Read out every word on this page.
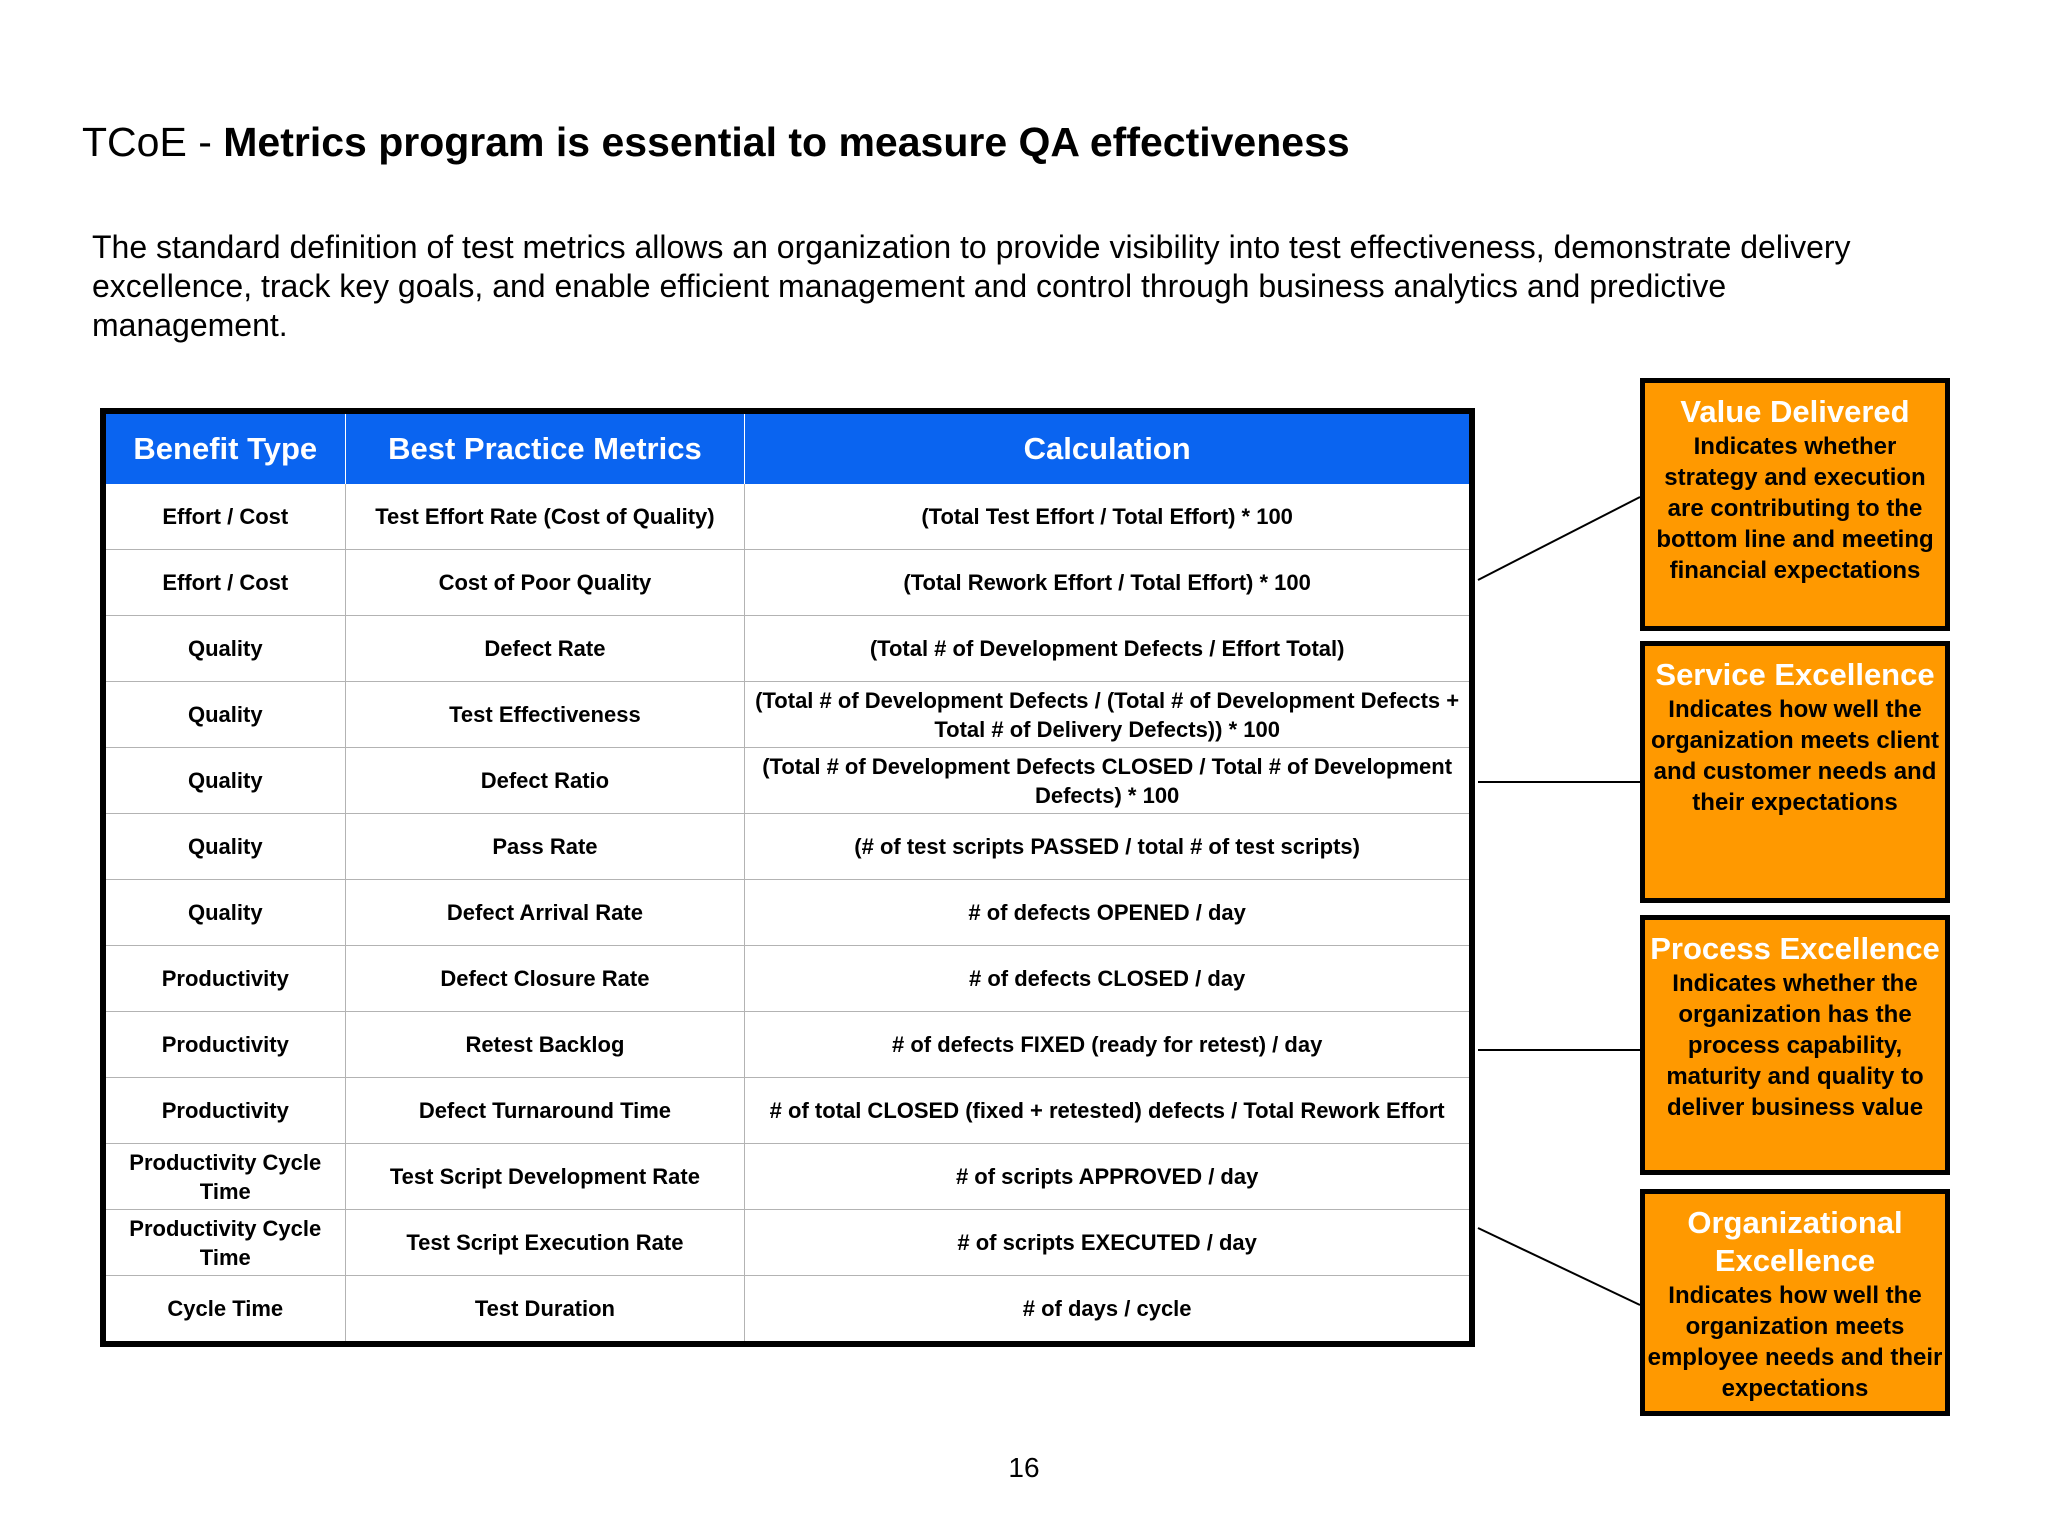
TCoE - Metrics program is essential to measure QA effectiveness
The standard definition of test metrics allows an organization to provide visibility into test effectiveness, demonstrate delivery excellence, track key goals, and enable efficient management and control through business analytics and predictive management.
Benefit Type	Best Practice Metrics	Calculation
Effort / Cost	Test Effort Rate (Cost of Quality)	(Total Test Effort / Total Effort) * 100
Effort / Cost	Cost of Poor Quality	(Total Rework Effort / Total Effort) * 100
Quality	Defect Rate	(Total # of Development Defects / Effort Total)
Quality	Test Effectiveness	(Total # of Development Defects / (Total # of Development Defects + Total # of Delivery Defects)) * 100
Quality	Defect Ratio	(Total # of Development Defects CLOSED / Total # of Development Defects) * 100
Quality	Pass Rate	(# of test scripts PASSED / total # of test scripts)
Quality	Defect Arrival Rate	# of defects OPENED / day
Productivity	Defect Closure Rate	# of defects CLOSED / day
Productivity	Retest Backlog	# of defects FIXED (ready for retest) / day
Productivity	Defect Turnaround Time	# of total CLOSED (fixed + retested) defects / Total Rework Effort
Productivity Cycle Time	Test Script Development Rate	# of scripts APPROVED / day
Productivity Cycle Time	Test Script Execution Rate	# of scripts EXECUTED / day
Cycle Time	Test Duration	# of days / cycle
Value Delivered
Indicates whether strategy and execution are contributing to the bottom line and meeting financial expectations
Service Excellence
Indicates how well the organization meets client and customer needs and their expectations
Process Excellence
Indicates whether the organization has the process capability, maturity and quality to deliver business value
Organizational Excellence
Indicates how well the organization meets employee needs and their expectations
16
